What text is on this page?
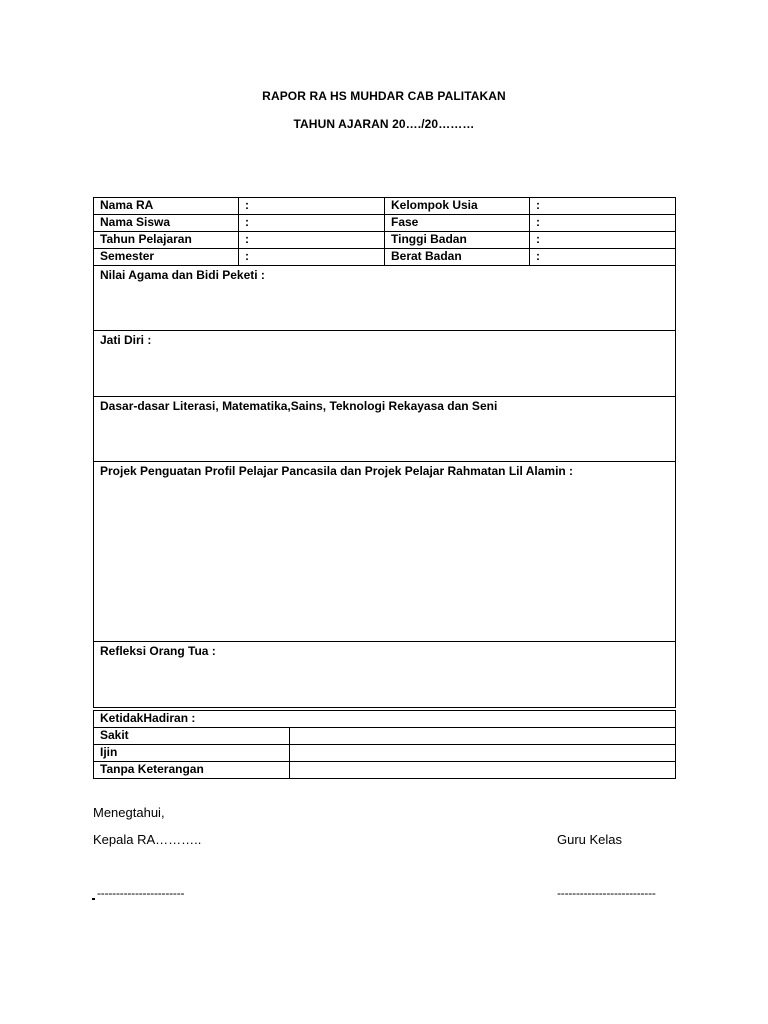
RAPOR RA HS MUHDAR CAB PALITAKAN
TAHUN AJARAN 20…./20………
Nama RA	:	Kelompok Usia	:
Nama Siswa	:	Fase	:
Tahun Pelajaran	:	Tinggi Badan	:
Semester	:	Berat Badan	:
Nilai Agama dan Bidi Peketi :			
Jati Diri :			
Dasar-dasar Literasi, Matematika,Sains, Teknologi Rekayasa dan Seni			
Projek Penguatan Profil Pelajar Pancasila dan Projek Pelajar Rahmatan Lil Alamin :			
Refleksi Orang Tua :			
KetidakHadiran :	
Sakit	
Ijin	
Tanpa Keterangan	
Menegtahui,
Kepala RA………..	Guru Kelas
-----------------------	--------------------------
